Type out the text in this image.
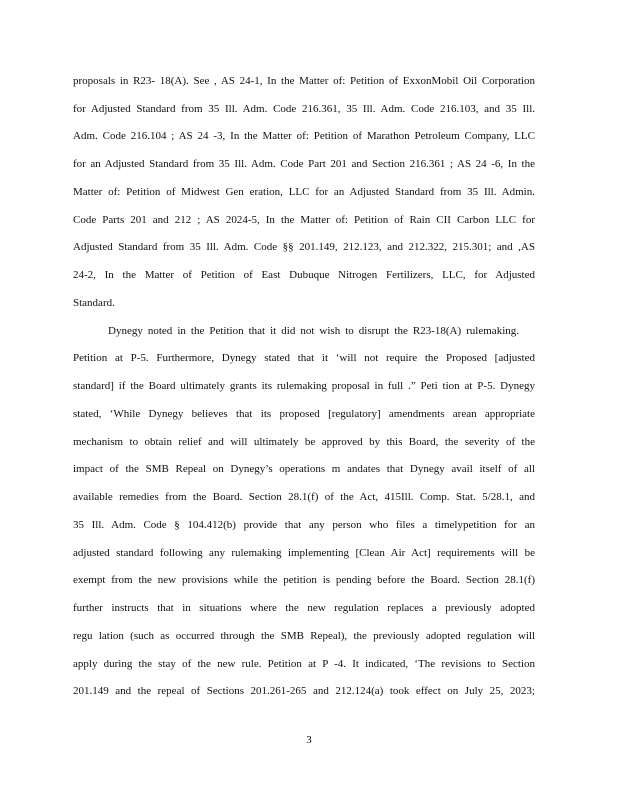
proposals in R23- 18(A). See , AS 24-1, In the Matter of: Petition of ExxonMobil Oil Corporation
for Adjusted Standard from 35 Ill. Adm. Code 216.361, 35 Ill. Adm. Code 216.103, and 35 Ill.
Adm. Code 216.104 ; AS 24 -3, In the Matter of: Petition of Marathon Petroleum Company, LLC
for an Adjusted Standard from 35 Ill. Adm. Code Part 201 and Section 216.361 ; AS 24 -6, In the
Matter of: Petition of Midwest Gen eration, LLC for an Adjusted Standard from 35 Ill. Admin.
Code Parts 201 and 212 ; AS 2024-5, In the Matter of: Petition of Rain CII Carbon LLC for
Adjusted Standard from 35 Ill. Adm. Code §§ 201.149, 212.123, and 212.322, 215.301; and ,AS
24-2, In the Matter of Petition of East Dubuque Nitrogen Fertilizers, LLC, for Adjusted
Standard.
Dynegy noted in the Petition that it did not wish to disrupt the R23-18(A) rulemaking.
Petition at P-5. Furthermore, Dynegy stated that it ‘will not require the Proposed [adjusted
standard] if the Board ultimately grants its rulemaking proposal in full .” Peti tion at P-5. Dynegy
stated, ‘While Dynegy believes that its proposed [regulatory] amendments arean appropriate
mechanism to obtain relief and will ultimately be approved by this Board, the severity of the
impact of the SMB Repeal on Dynegy’s operations m andates that Dynegy avail itself of all
available remedies from the Board. Section 28.1(f) of the Act, 415Ill. Comp. Stat. 5/28.1, and
35 Ill. Adm. Code § 104.412(b) provide that any person who files a timelypetition for an
adjusted standard following any rulemaking implementing [Clean Air Act] requirements will be
exempt from the new provisions while the petition is pending before the Board. Section 28.1(f)
further instructs that in situations where the new regulation replaces a previously adopted
regu lation (such as occurred through the SMB Repeal), the previously adopted regulation will
apply during the stay of the new rule. Petition at P -4. It indicated, ‘The revisions to Section
201.149 and the repeal of Sections 201.261-265 and 212.124(a) took effect on July 25, 2023;
3
